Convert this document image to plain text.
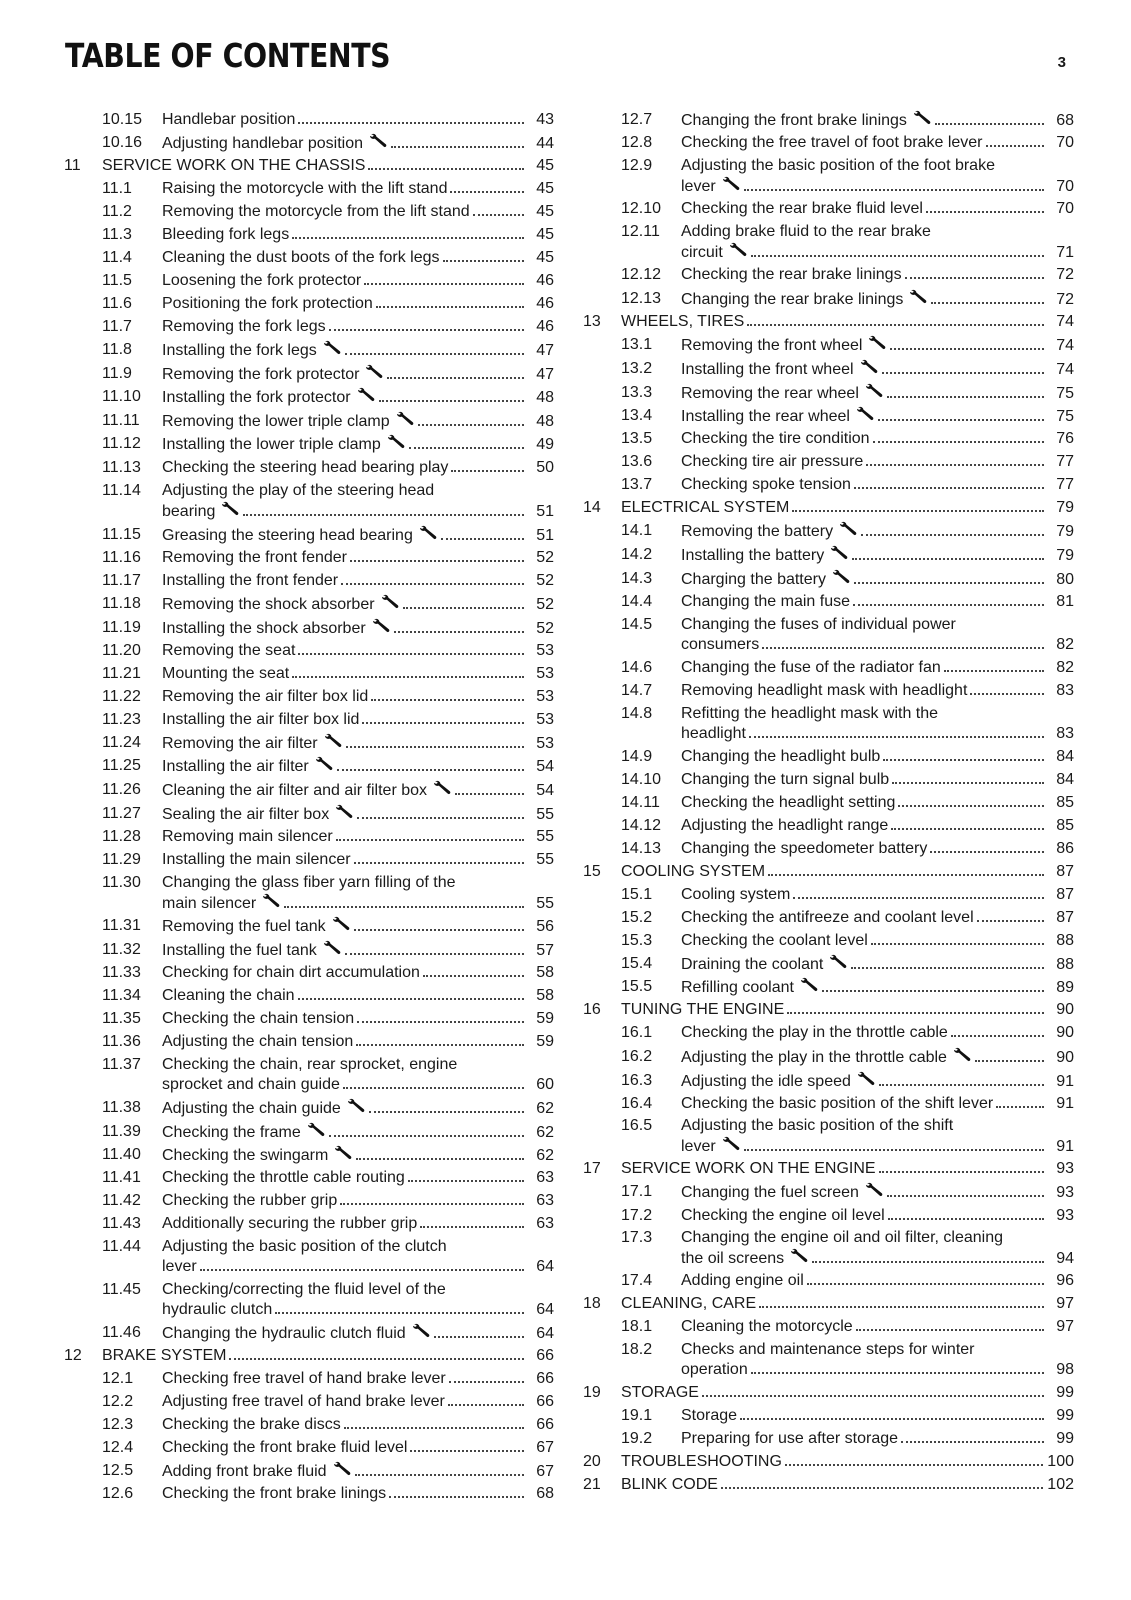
TABLE OF CONTENTS	3
10.15 Handlebar position	43
10.16 Adjusting handlebar position	44
11 SERVICE WORK ON THE CHASSIS	45
11.1 Raising the motorcycle with the lift stand	45
11.2 Removing the motorcycle from the lift stand	45
11.3 Bleeding fork legs	45
11.4 Cleaning the dust boots of the fork legs	45
11.5 Loosening the fork protector	46
11.6 Positioning the fork protection	46
11.7 Removing the fork legs	46
11.8 Installing the fork legs	47
11.9 Removing the fork protector	47
11.10 Installing the fork protector	48
11.11 Removing the lower triple clamp	48
11.12 Installing the lower triple clamp	49
11.13 Checking the steering head bearing play	50
11.14 Adjusting the play of the steering head
bearing	51
11.15 Greasing the steering head bearing	51
11.16 Removing the front fender	52
11.17 Installing the front fender	52
11.18 Removing the shock absorber	52
11.19 Installing the shock absorber	52
11.20 Removing the seat	53
11.21 Mounting the seat	53
11.22 Removing the air filter box lid	53
11.23 Installing the air filter box lid	53
11.24 Removing the air filter	53
11.25 Installing the air filter	54
11.26 Cleaning the air filter and air filter box	54
11.27 Sealing the air filter box	55
11.28 Removing main silencer	55
11.29 Installing the main silencer	55
11.30 Changing the glass fiber yarn filling of the
main silencer	55
11.31 Removing the fuel tank	56
11.32 Installing the fuel tank	57
11.33 Checking for chain dirt accumulation	58
11.34 Cleaning the chain	58
11.35 Checking the chain tension	59
11.36 Adjusting the chain tension	59
11.37 Checking the chain, rear sprocket, engine
sprocket and chain guide	60
11.38 Adjusting the chain guide	62
11.39 Checking the frame	62
11.40 Checking the swingarm	62
11.41 Checking the throttle cable routing	63
11.42 Checking the rubber grip	63
11.43 Additionally securing the rubber grip	63
11.44 Adjusting the basic position of the clutch
lever	64
11.45 Checking/correcting the fluid level of the
hydraulic clutch	64
11.46 Changing the hydraulic clutch fluid	64
12 BRAKE SYSTEM	66
12.1 Checking free travel of hand brake lever	66
12.2 Adjusting free travel of hand brake lever	66
12.3 Checking the brake discs	66
12.4 Checking the front brake fluid level	67
12.5 Adding front brake fluid	67
12.6 Checking the front brake linings	68
12.7 Changing the front brake linings	68
12.8 Checking the free travel of foot brake lever	70
12.9 Adjusting the basic position of the foot brake
lever	70
12.10 Checking the rear brake fluid level	70
12.11 Adding brake fluid to the rear brake
circuit	71
12.12 Checking the rear brake linings	72
12.13 Changing the rear brake linings	72
13 WHEELS, TIRES	74
13.1 Removing the front wheel	74
13.2 Installing the front wheel	74
13.3 Removing the rear wheel	75
13.4 Installing the rear wheel	75
13.5 Checking the tire condition	76
13.6 Checking tire air pressure	77
13.7 Checking spoke tension	77
14 ELECTRICAL SYSTEM	79
14.1 Removing the battery	79
14.2 Installing the battery	79
14.3 Charging the battery	80
14.4 Changing the main fuse	81
14.5 Changing the fuses of individual power
consumers	82
14.6 Changing the fuse of the radiator fan	82
14.7 Removing headlight mask with headlight	83
14.8 Refitting the headlight mask with the
headlight	83
14.9 Changing the headlight bulb	84
14.10 Changing the turn signal bulb	84
14.11 Checking the headlight setting	85
14.12 Adjusting the headlight range	85
14.13 Changing the speedometer battery	86
15 COOLING SYSTEM	87
15.1 Cooling system	87
15.2 Checking the antifreeze and coolant level	87
15.3 Checking the coolant level	88
15.4 Draining the coolant	88
15.5 Refilling coolant	89
16 TUNING THE ENGINE	90
16.1 Checking the play in the throttle cable	90
16.2 Adjusting the play in the throttle cable	90
16.3 Adjusting the idle speed	91
16.4 Checking the basic position of the shift lever	91
16.5 Adjusting the basic position of the shift
lever	91
17 SERVICE WORK ON THE ENGINE	93
17.1 Changing the fuel screen	93
17.2 Checking the engine oil level	93
17.3 Changing the engine oil and oil filter, cleaning
the oil screens	94
17.4 Adding engine oil	96
18 CLEANING, CARE	97
18.1 Cleaning the motorcycle	97
18.2 Checks and maintenance steps for winter
operation	98
19 STORAGE	99
19.1 Storage	99
19.2 Preparing for use after storage	99
20 TROUBLESHOOTING	100
21 BLINK CODE	102
